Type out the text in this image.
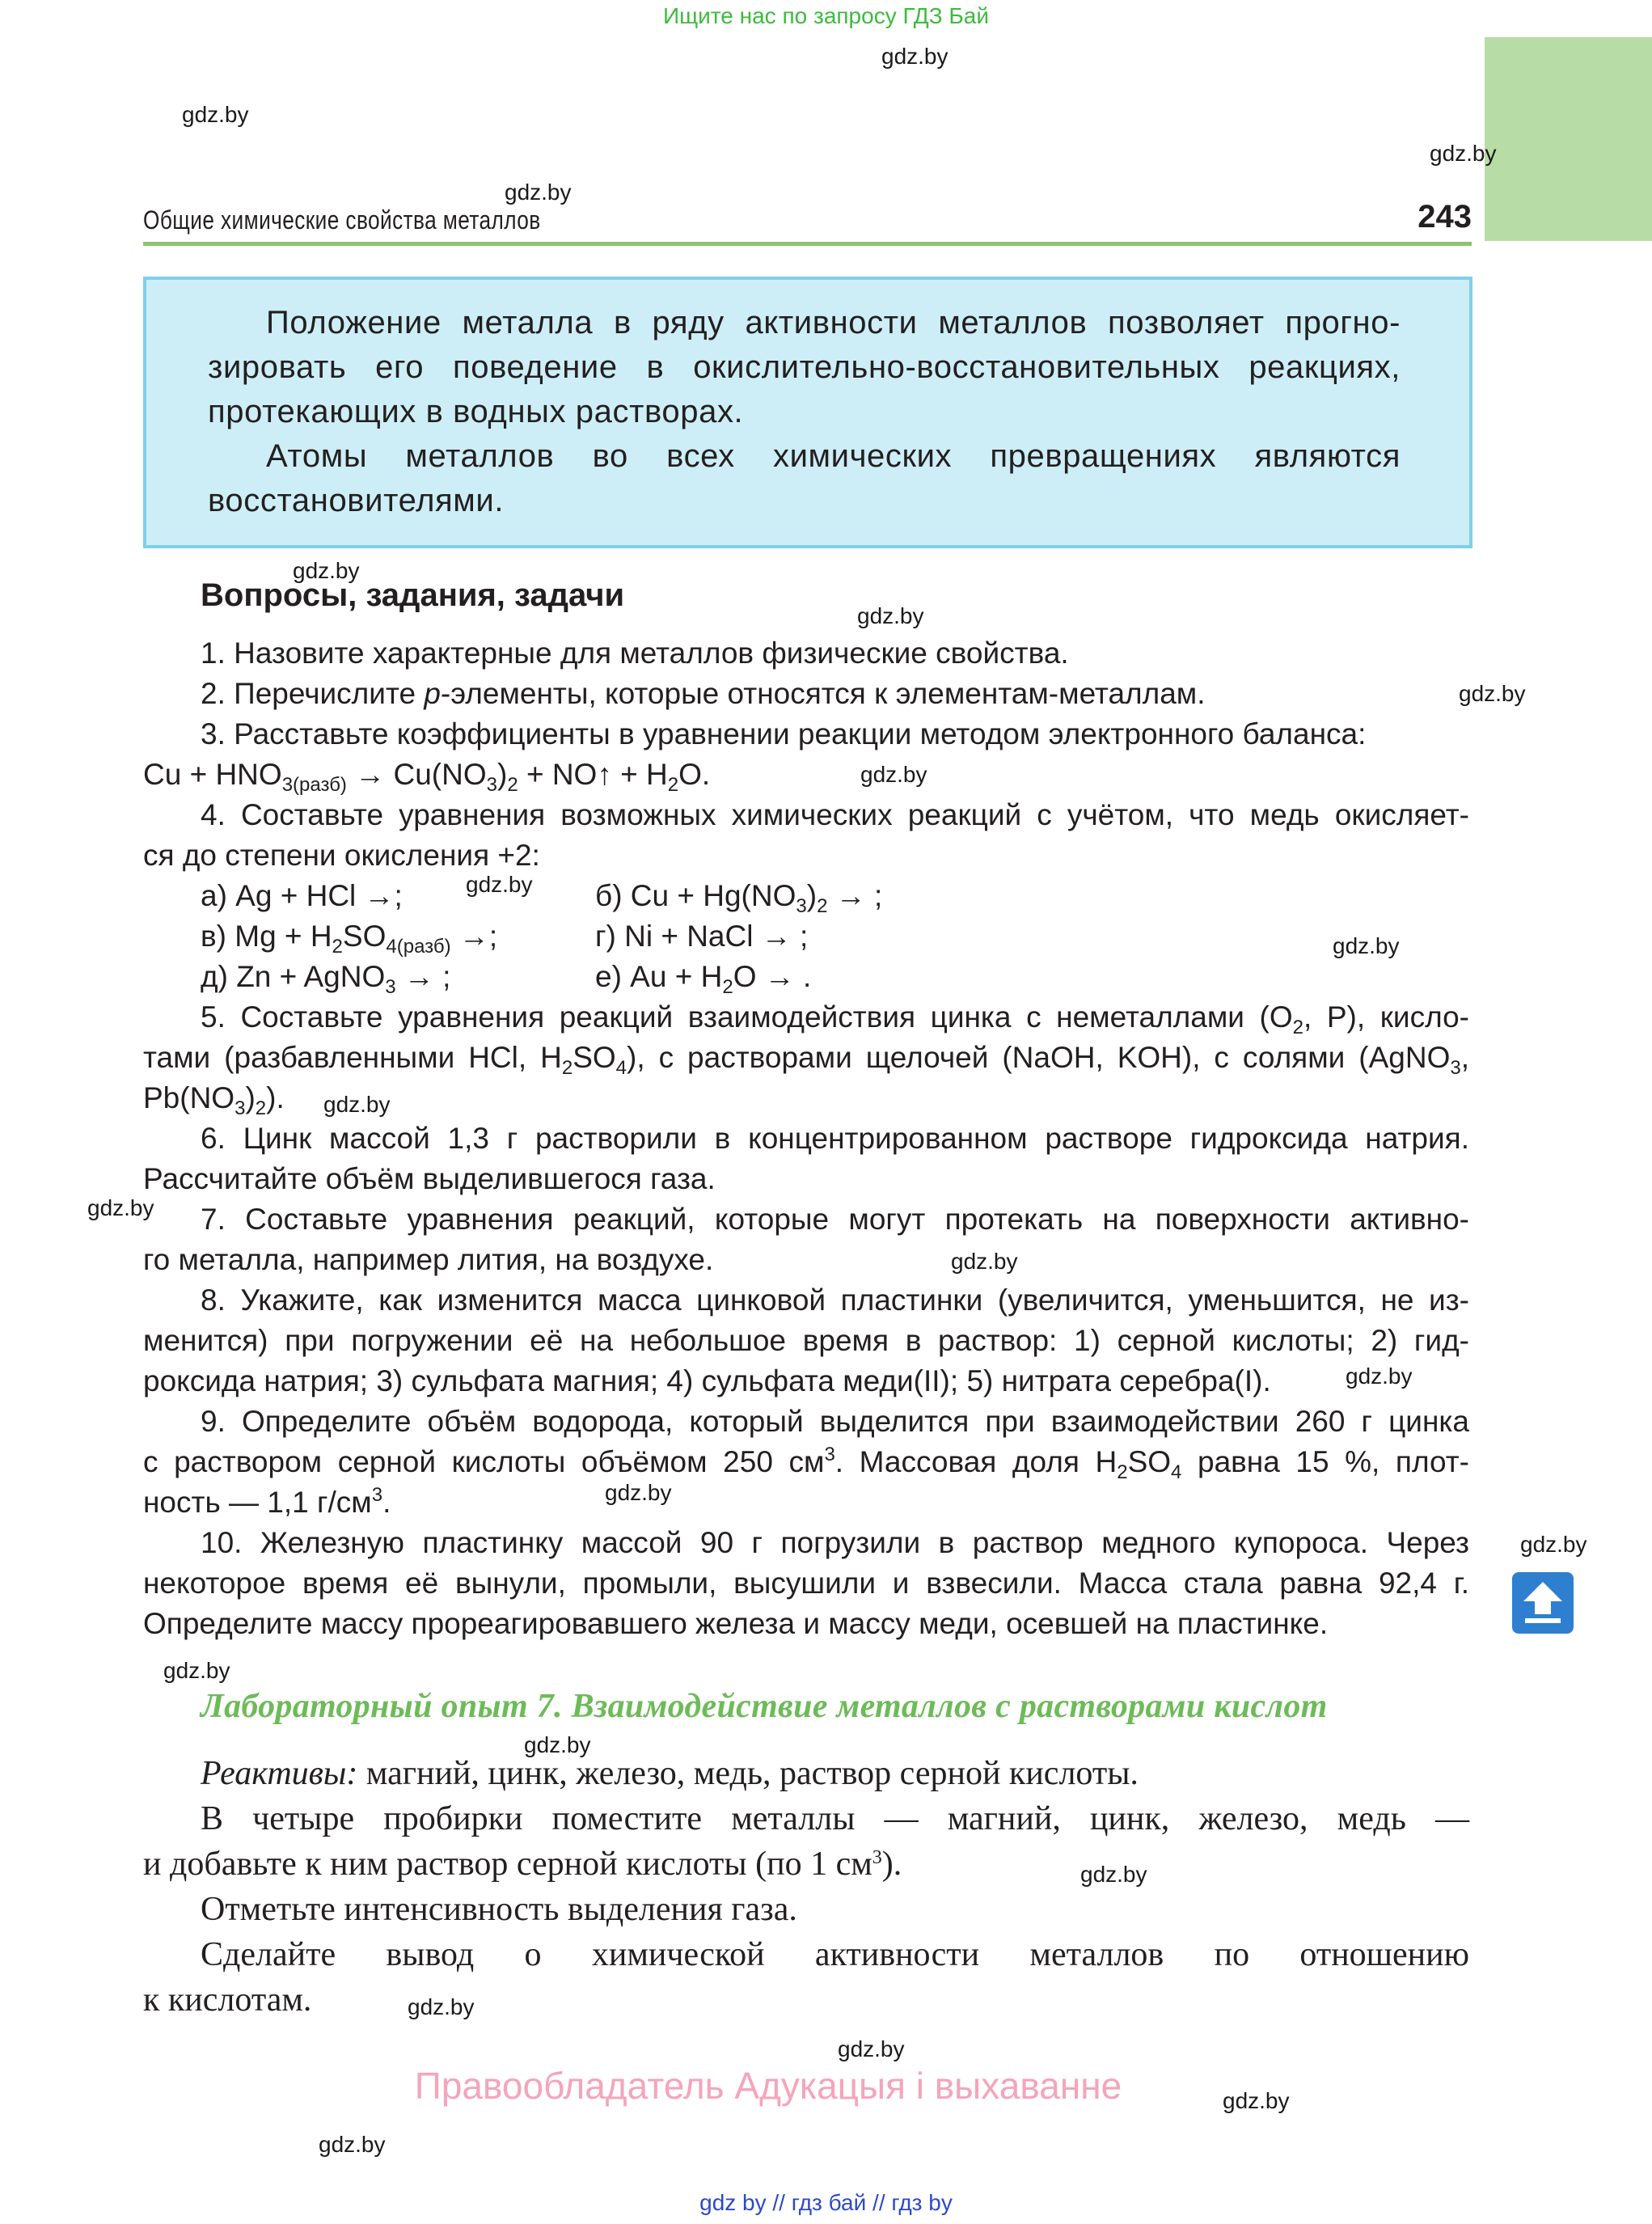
Ищите нас по запросу ГДЗ Бай
gdz.by
gdz.by
gdz.by
gdz.by
gdz.by
gdz.by
gdz.by
gdz.by
gdz.by
gdz.by
gdz.by
gdz.by
gdz.by
gdz.by
gdz.by
gdz.by
gdz.by
gdz.by
gdz.by
gdz.by
gdz.by
gdz.by
gdz.by
Общие химические свойства металлов	243
Положение металла в ряду активности металлов позволяет прогно-
зировать его поведение в окислительно-восстановительных реакциях,
протекающих в водных растворах.
Атомы металлов во всех химических превращениях являются
восстановителями.
Вопросы, задания, задачи
1. Назовите характерные для металлов физические свойства.
2. Перечислите p-элементы, которые относятся к элементам-металлам.
3. Расставьте коэффициенты в уравнении реакции методом электронного баланса:
$Cu + HNO_{3(разб)} \to Cu(NO_3)_2$ + NO↑ + $H_2O$.
4. Составьте уравнения возможных химических реакций с учётом, что медь окисляет-
ся до степени окисления +2:
а) Ag + HCl →;	б) $Cu + Hg(NO_3)_2$ → ;
в) $Mg + H_2SO_{4(разб)}$ →;	г) Ni + NaCl → ;
д) Zn + AgNO$_3$ → ;	е) $Au + H_2O$ → .
5. Составьте уравнения реакций взаимодействия цинка с неметаллами ($O_2$, P), кисло-
тами (разбавленными HCl, $H_2SO_4$), с растворами щелочей (NaOH, KOH), с солями (AgNO$_3$,
$Pb(NO_3)_2$).
6. Цинк массой 1,3 г растворили в концентрированном растворе гидроксида натрия.
Рассчитайте объём выделившегося газа.
7. Составьте уравнения реакций, которые могут протекать на поверхности активно-
го металла, например лития, на воздухе.
8. Укажите, как изменится масса цинковой пластинки (увеличится, уменьшится, не из-
менится) при погружении её на небольшое время в раствор: 1) серной кислоты; 2) гид-
роксида натрия; 3) сульфата магния; 4) сульфата меди(II); 5) нитрата серебра(I).
9. Определите объём водорода, который выделится при взаимодействии 260 г цинка
с раствором серной кислоты объёмом 250 $см^3$. Массовая доля $H_2SO_4$ равна 15 %, плот-
ность — 1,1 $г/см^3$.
10. Железную пластинку массой 90 г погрузили в раствор медного купороса. Через
некоторое время её вынули, промыли, высушили и взвесили. Масса стала равна 92,4 г.
Определите массу прореагировавшего железа и массу меди, осевшей на пластинке.
Лабораторный опыт 7. Взаимодействие металлов с растворами кислот
Реактивы: магний, цинк, железо, медь, раствор серной кислоты.
В четыре пробирки поместите металлы — магний, цинк, железо, медь —
и добавьте к ним раствор серной кислоты (по 1 $см^3$).
Отметьте интенсивность выделения газа.
Сделайте вывод о химической активности металлов по отношению
к кислотам.
Правообладатель Адукацыя і выхаванне
gdz by // гдз бай // гдз by
